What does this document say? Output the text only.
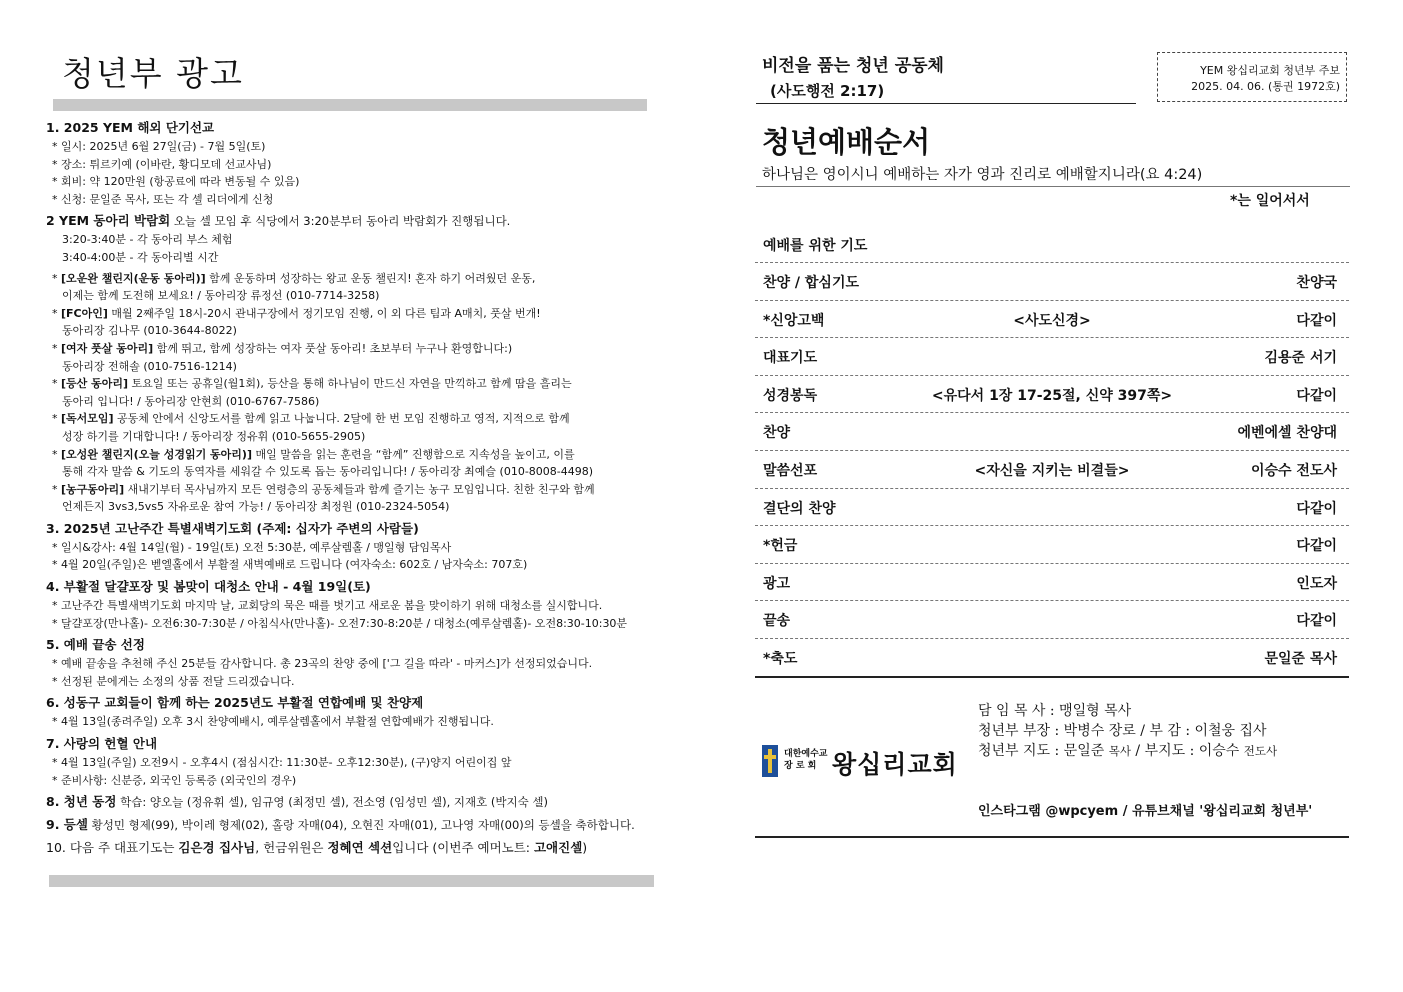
청년부 광고
1. 2025 YEM 해외 단기선교
* 일시: 2025년 6월 27일(금) - 7월 5일(토)
* 장소: 튀르키예 (이바란, 황디모데 선교사님)
* 회비: 약 120만원 (항공료에 따라 변동될 수 있음)
* 신청: 문일준 목사, 또는 각 셀 리더에게 신청
2 YEM 동아리 박람회 오늘 셀 모임 후 식당에서 3:20분부터 동아리 박람회가 진행됩니다.
3:20-3:40분 - 각 동아리 부스 체험
3:40-4:00분 - 각 동아리별 시간
* [오운완 챌린지(운동 동아리)] 함께 운동하며 성장하는 왕교 운동 챌린지! 혼자 하기 어려웠던 운동,
이제는 함께 도전해 보세요! / 동아리장 류정선 (010-7714-3258)
* [FC아인] 매월 2째주일 18시-20시 관내구장에서 정기모임 진행, 이 외 다른 팀과 A매치, 풋살 번개!
동아리장 김나무 (010-3644-8022)
* [여자 풋살 동아리] 함께 뛰고, 함께 성장하는 여자 풋살 동아리! 초보부터 누구나 환영합니다:)
동아리장 전해솔 (010-7516-1214)
* [등산 동아리] 토요일 또는 공휴일(월1회), 등산을 통해 하나님이 만드신 자연을 만끽하고 함께 땀을 흘리는
동아리 입니다! / 동아리장 안현희 (010-6767-7586)
* [독서모임] 공동체 안에서 신앙도서를 함께 읽고 나눕니다. 2달에 한 번 모임 진행하고 영적, 지적으로 함께
성장 하기를 기대합니다! / 동아리장 정유휘 (010-5655-2905)
* [오성완 챌린지(오늘 성경읽기 동아리)] 매일 말씀을 읽는 훈련을 “함께” 진행함으로 지속성을 높이고, 이를
통해 각자 말씀 & 기도의 동역자를 세워갈 수 있도록 돕는 동아리입니다! / 동아리장 최예슬 (010-8008-4498)
* [농구동아리] 새내기부터 목사님까지 모든 연령층의 공동체들과 함께 즐기는 농구 모임입니다. 친한 친구와 함께
언제든지 3vs3,5vs5 자유로운 참여 가능! / 동아리장 최정원 (010-2324-5054)
3. 2025년 고난주간 특별새벽기도회 (주제: 십자가 주변의 사람들)
* 일시&강사: 4월 14일(월) - 19일(토) 오전 5:30분, 예루살렘홀 / 맹일형 담임목사
* 4월 20일(주일)은 벧엘홀에서 부활절 새벽예배로 드립니다 (여자숙소: 602호 / 남자숙소: 707호)
4. 부활절 달걀포장 및 봄맞이 대청소 안내 - 4월 19일(토)
* 고난주간 특별새벽기도회 마지막 날, 교회당의 묵은 때를 벗기고 새로운 봄을 맞이하기 위해 대청소를 실시합니다.
* 달걀포장(만나홀)- 오전6:30-7:30분 / 아침식사(만나홀)- 오전7:30-8:20분 / 대청소(예루살렘홀)- 오전8:30-10:30분
5. 예배 끝송 선정
* 예배 끝송을 추천해 주신 25분들 감사합니다. 총 23곡의 찬양 중에 ['그 길을 따라' - 마커스]가 선정되었습니다.
* 선정된 분에게는 소정의 상품 전달 드리겠습니다.
6. 성동구 교회들이 함께 하는 2025년도 부활절 연합예배 및 찬양제
* 4월 13일(종려주일) 오후 3시 찬양예배시, 예루살렘홀에서 부활절 연합예배가 진행됩니다.
7. 사랑의 헌혈 안내
* 4월 13일(주일) 오전9시 - 오후4시 (점심시간: 11:30분- 오후12:30분), (구)양지 어린이집 앞
* 준비사항: 신분증, 외국인 등록증 (외국인의 경우)
8. 청년 동정 학습: 양오늘 (정유휘 셀), 임규영 (최정민 셀), 전소영 (임성민 셀), 지재호 (박지숙 셀)
9. 등셀 황성민 형제(99), 박이레 형제(02), 홀랑 자매(04), 오현진 자매(01), 고나영 자매(00)의 등셀을 축하합니다.
10. 다음 주 대표기도는 김은경 집사님, 헌금위원은 정혜연 섹션입니다 (이번주 예머노트: 고애진셀)
비전을 품는 청년 공동체
(사도행전 2:17)
YEM 왕십리교회 청년부 주보
2025. 04. 06. (통권 1972호)
청년예배순서
하나님은 영이시니 예배하는 자가 영과 진리로 예배할지니라(요 4:24)
*는 일어서서
예배를 위한 기도
찬양 / 합심기도	찬양국
*신앙고백	<사도신경>	다같이
대표기도	김용준 서기
성경봉독	<유다서 1장 17-25절, 신약 397쪽>	다같이
찬양	에벤에셀 찬양대
말씀선포	<자신을 지키는 비결들>	이승수 전도사
결단의 찬양	다같이
*헌금	다같이
광고	인도자
끝송	다같이
*축도	문일준 목사
대한예수교
장 로 회 왕십리교회
담 임 목 사 : 맹일형 목사
청년부 부장 : 박병수 장로 / 부 감 : 이철웅 집사
청년부 지도 : 문일준 목사 / 부지도 : 이승수 전도사
인스타그램 @wpcyem / 유튜브채널 '왕십리교회 청년부'
